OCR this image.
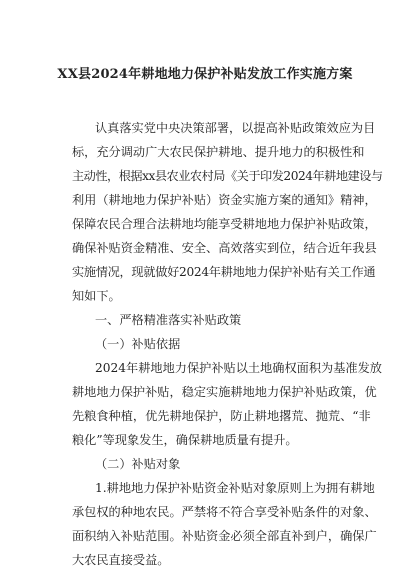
XX县2024年耕地地力保护补贴发放工作实施方案
认真落实党中央决策部署，以提高补贴政策效应为目
标，充分调动广大农民保护耕地、提升地力的积极性和
主动性，根据xx县农业农村局《关于印发2024年耕地建设与
利用（耕地地力保护补贴）资金实施方案的通知》精神，
保障农民合理合法耕地均能享受耕地地力保护补贴政策，
确保补贴资金精准、安全、高效落实到位，结合近年我县
实施情况，现就做好2024年耕地地力保护补贴有关工作通
知如下。
一、严格精准落实补贴政策
（一）补贴依据
2024年耕地地力保护补贴以土地确权面积为基准发放
耕地地力保护补贴，稳定实施耕地地力保护补贴政策，优
先粮食种植，优先耕地保护，防止耕地撂荒、抛荒、“非
粮化”等现象发生，确保耕地质量有提升。
（二）补贴对象
1.耕地地力保护补贴资金补贴对象原则上为拥有耕地
承包权的种地农民。严禁将不符合享受补贴条件的对象、
面积纳入补贴范围。补贴资金必须全部直补到户，确保广
大农民直接受益。
